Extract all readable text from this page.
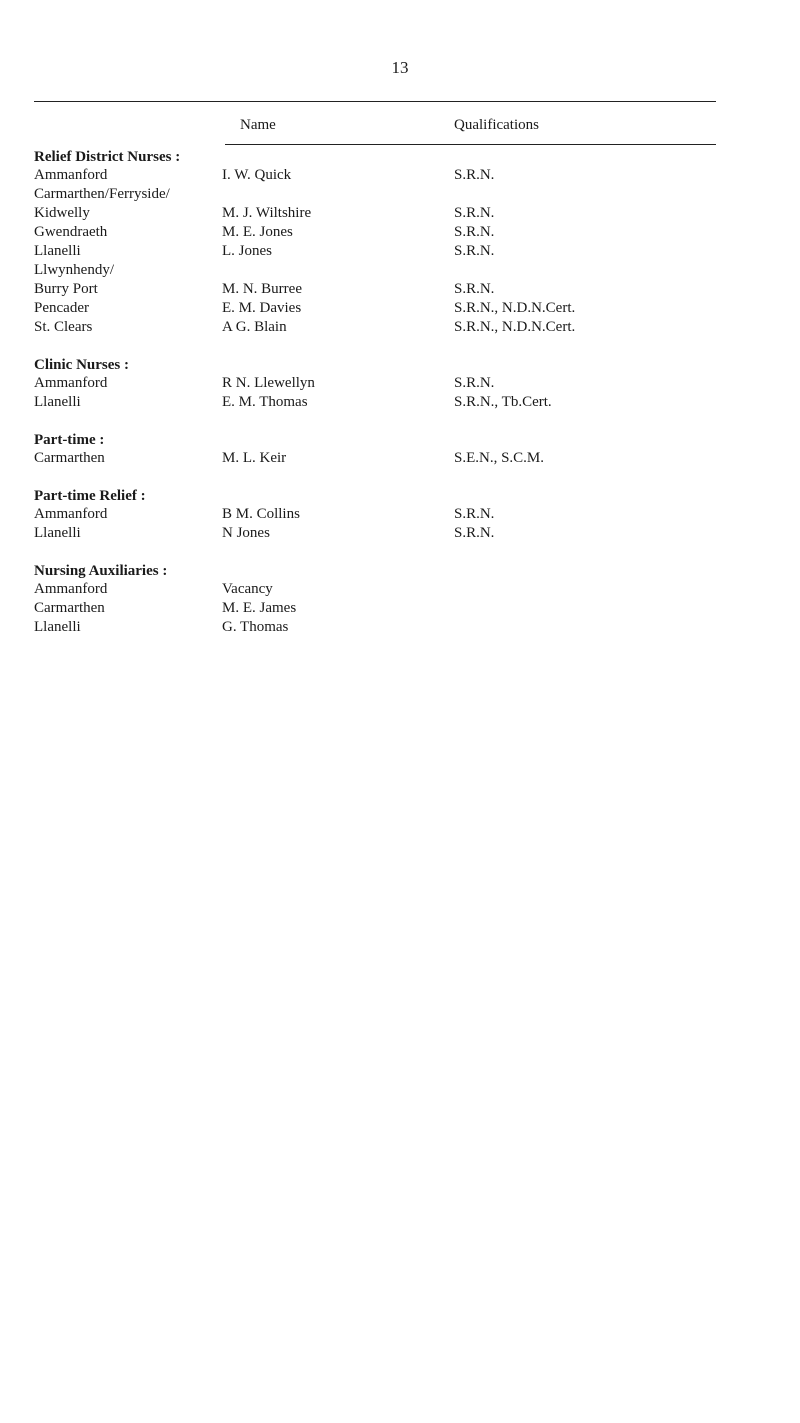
13
Name	Qualifications
Relief District Nurses :
Ammanford	I. W. Quick	S.R.N.
Carmarthen/Ferryside/
Kidwelly	M. J. Wiltshire	S.R.N.
Gwendraeth	M. E. Jones	S.R.N.
Llanelli	L. Jones	S.R.N.
Llwynhendy/
Burry Port	M. N. Burree	S.R.N.
Pencader	E. M. Davies	S.R.N., N.D.N.Cert.
St. Clears	A G. Blain	S.R.N., N.D.N.Cert.
Clinic Nurses :
Ammanford	R N. Llewellyn	S.R.N.
Llanelli	E. M. Thomas	S.R.N., Tb.Cert.
Part-time :
Carmarthen	M. L. Keir	S.E.N., S.C.M.
Part-time Relief :
Ammanford	B M. Collins	S.R.N.
Llanelli	N Jones	S.R.N.
Nursing Auxiliaries :
Ammanford	Vacancy
Carmarthen	M. E. James
Llanelli	G. Thomas
